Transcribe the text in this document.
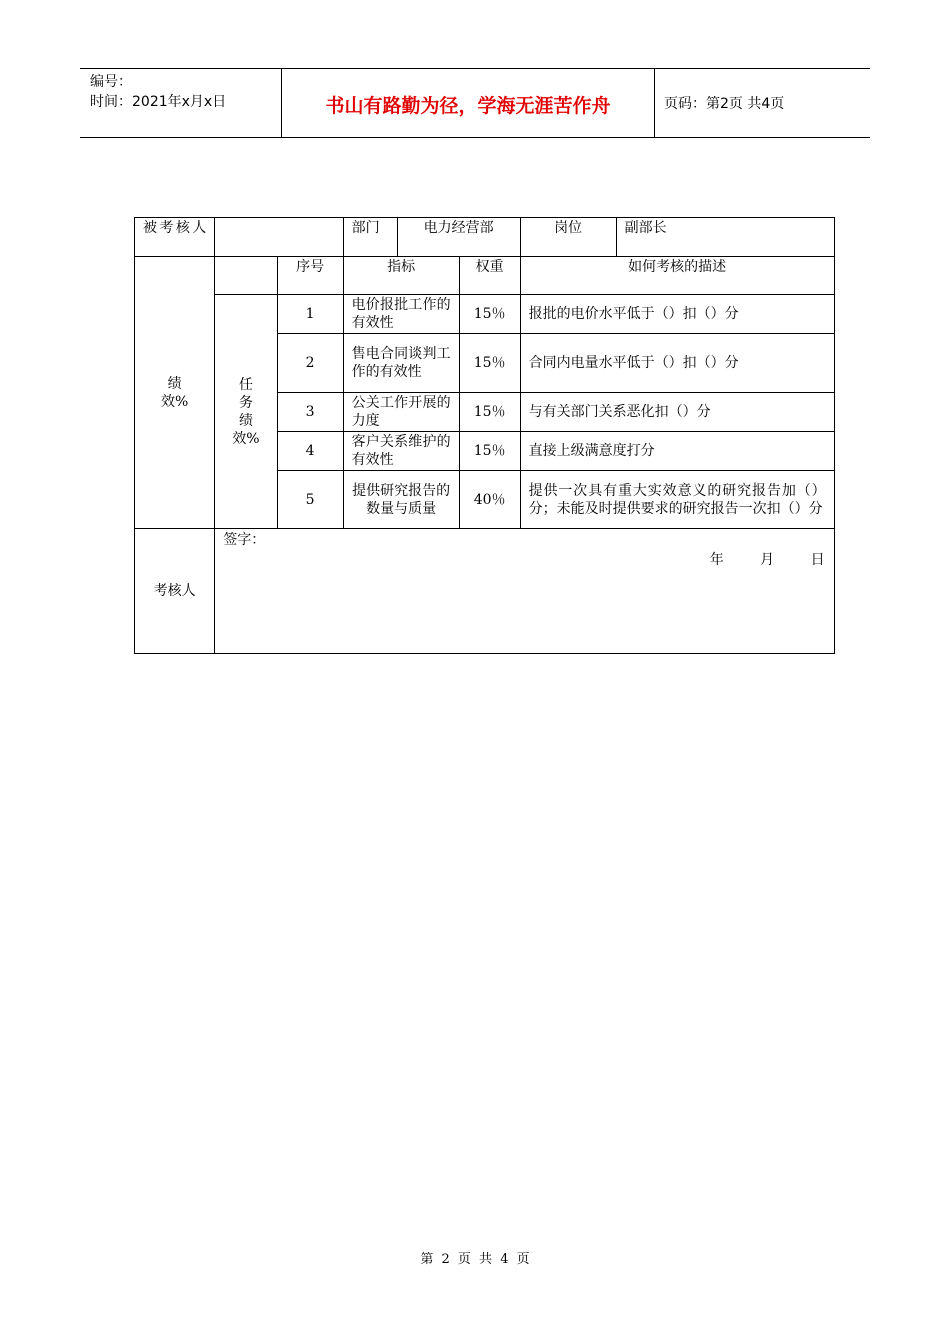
编号：
时间：2021年x月x日	书山有路勤为径，学海无涯苦作舟	页码：第2页 共4页
被考核人			部门	电力经营部		岗位	副部长
绩效%		序号	指标		权重	如何考核的描述	
	任务绩效%	1	电价报批工作的有效性		15％	报批的电价水平低于（）扣（）分	
		2	售电合同谈判工作的有效性		15％	合同内电量水平低于（）扣（）分	
		3	公关工作开展的力度		15％	与有关部门关系恶化扣（）分	
		4	客户关系维护的有效性		15％	直接上级满意度打分	
		5	提供研究报告的数量与质量		40％	提供一次具有重大实效意义的研究报告加（）分；未能及时提供要求的研究报告一次扣（）分	
考核人	签字：
年 月 日						
第 2 页 共 4 页
